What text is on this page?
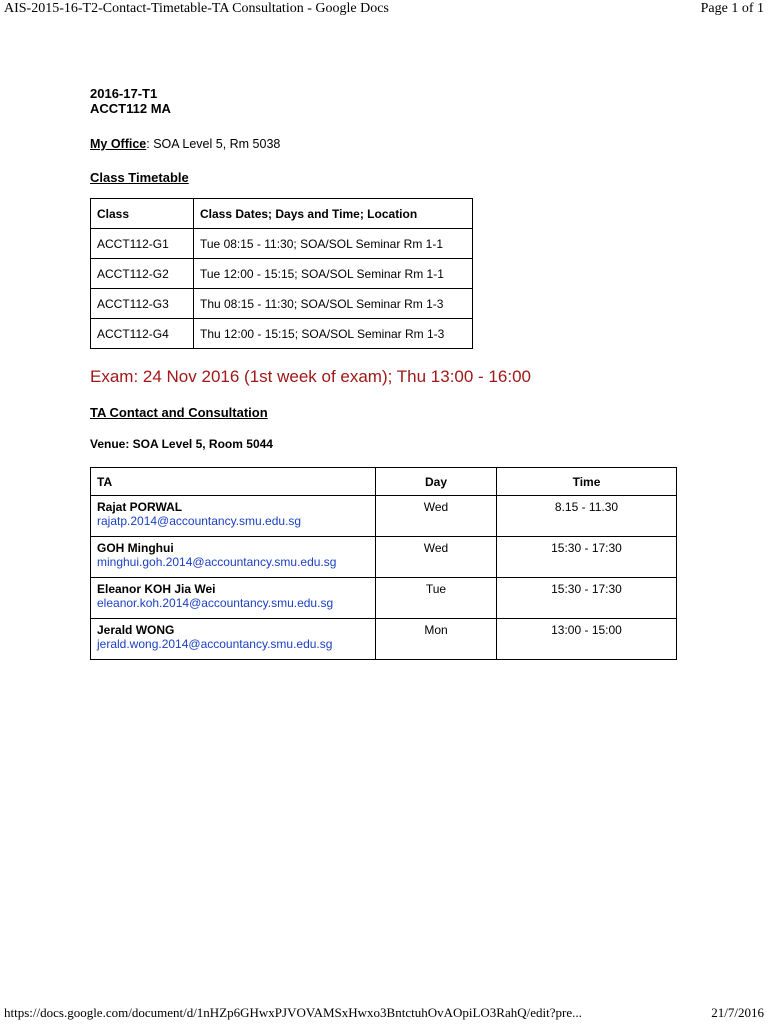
AIS-2015-16-T2-Contact-Timetable-TA Consultation - Google Docs	Page 1 of 1
2016-17-T1
ACCT112 MA
My Office: SOA Level 5, Rm 5038
Class Timetable
Class	Class Dates; Days and Time; Location
ACCT112-G1	Tue 08:15 - 11:30; SOA/SOL Seminar Rm 1-1
ACCT112-G2	Tue 12:00 - 15:15; SOA/SOL Seminar Rm 1-1
ACCT112-G3	Thu 08:15 - 11:30; SOA/SOL Seminar Rm 1-3
ACCT112-G4	Thu 12:00 - 15:15; SOA/SOL Seminar Rm 1-3
Exam: 24 Nov 2016 (1st week of exam); Thu 13:00 - 16:00
TA Contact and Consultation
Venue: SOA Level 5, Room 5044
TA	Day	Time

Rajat PORWAL
rajatp.2014@accountancy.smu.edu.sg	Wed	8.15 - 11.30

GOH Minghui
minghui.goh.2014@accountancy.smu.edu.sg	Wed	15:30 - 17:30

Eleanor KOH Jia Wei
eleanor.koh.2014@accountancy.smu.edu.sg	Tue	15:30 - 17:30

Jerald WONG
jerald.wong.2014@accountancy.smu.edu.sg	Mon	13:00 - 15:00
https://docs.google.com/document/d/1nHZp6GHwxPJVOVAMSxHwxo3BntctuhOvAOpiLO3RahQ/edit?pre...	21/7/2016
